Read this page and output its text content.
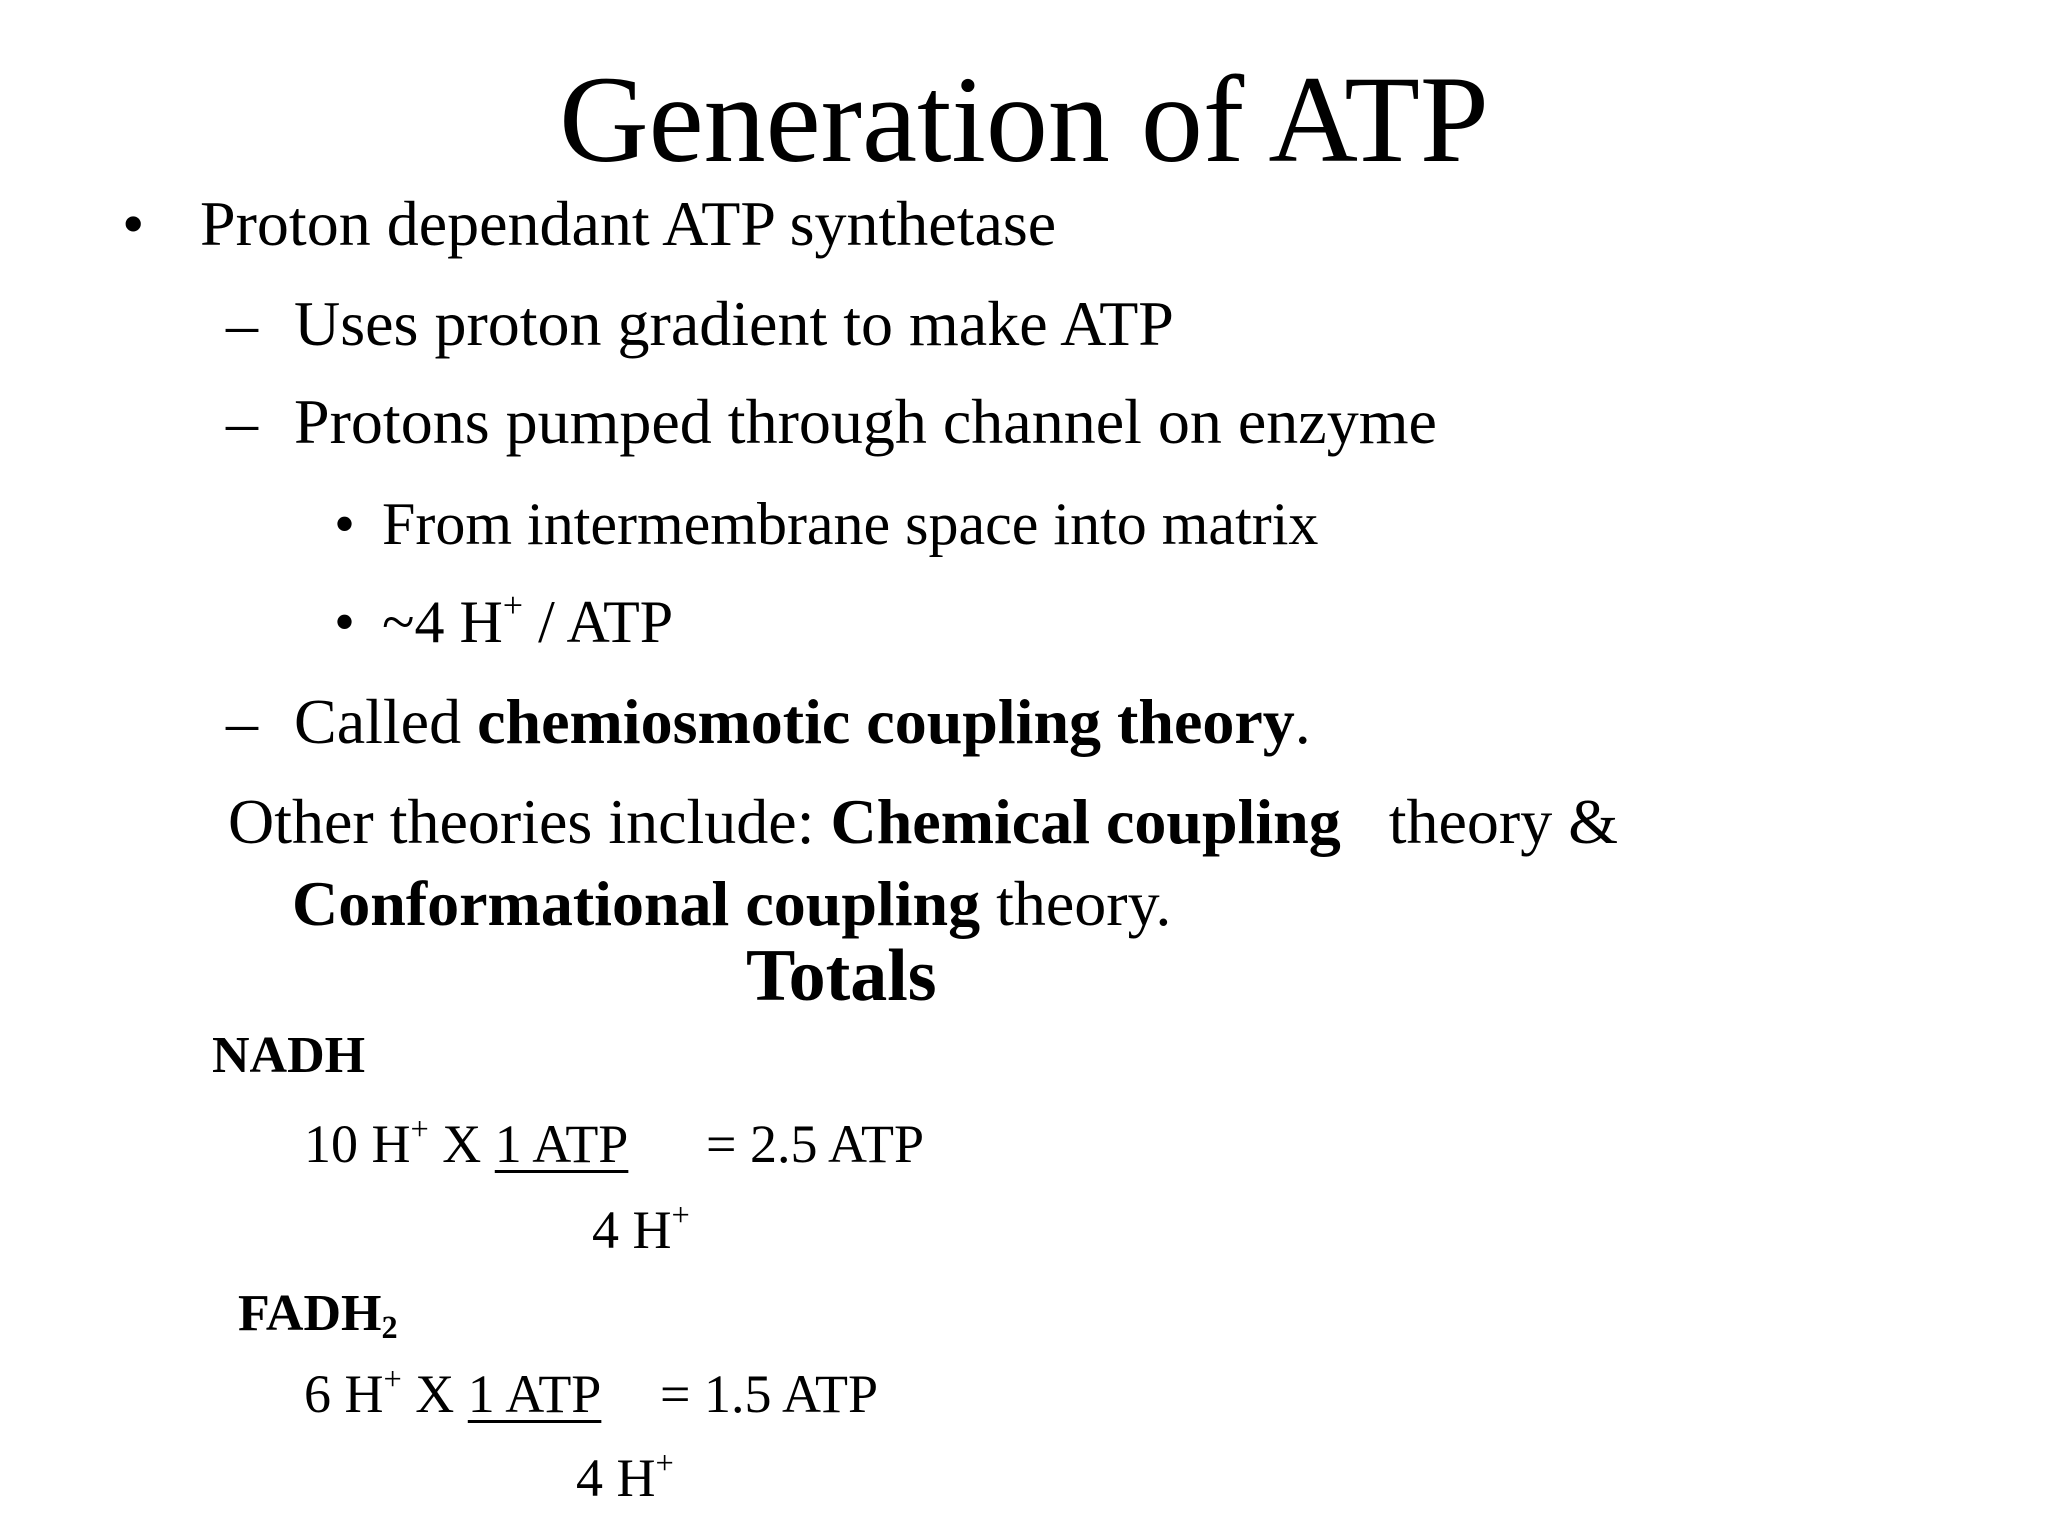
Generation of ATP
• Proton dependant ATP synthetase
– Uses proton gradient to make ATP
– Protons pumped through channel on enzyme
• From intermembrane space into matrix
• ~4 H+ / ATP
– Called chemiosmotic coupling theory.
Other theories include: Chemical coupling   theory &
Conformational coupling theory.
Totals
NADH
10 H+ X 1 ATP = 2.5 ATP
4 H+
$FADH_2$
6 H+ X 1 ATP = 1.5 ATP
4 H+
